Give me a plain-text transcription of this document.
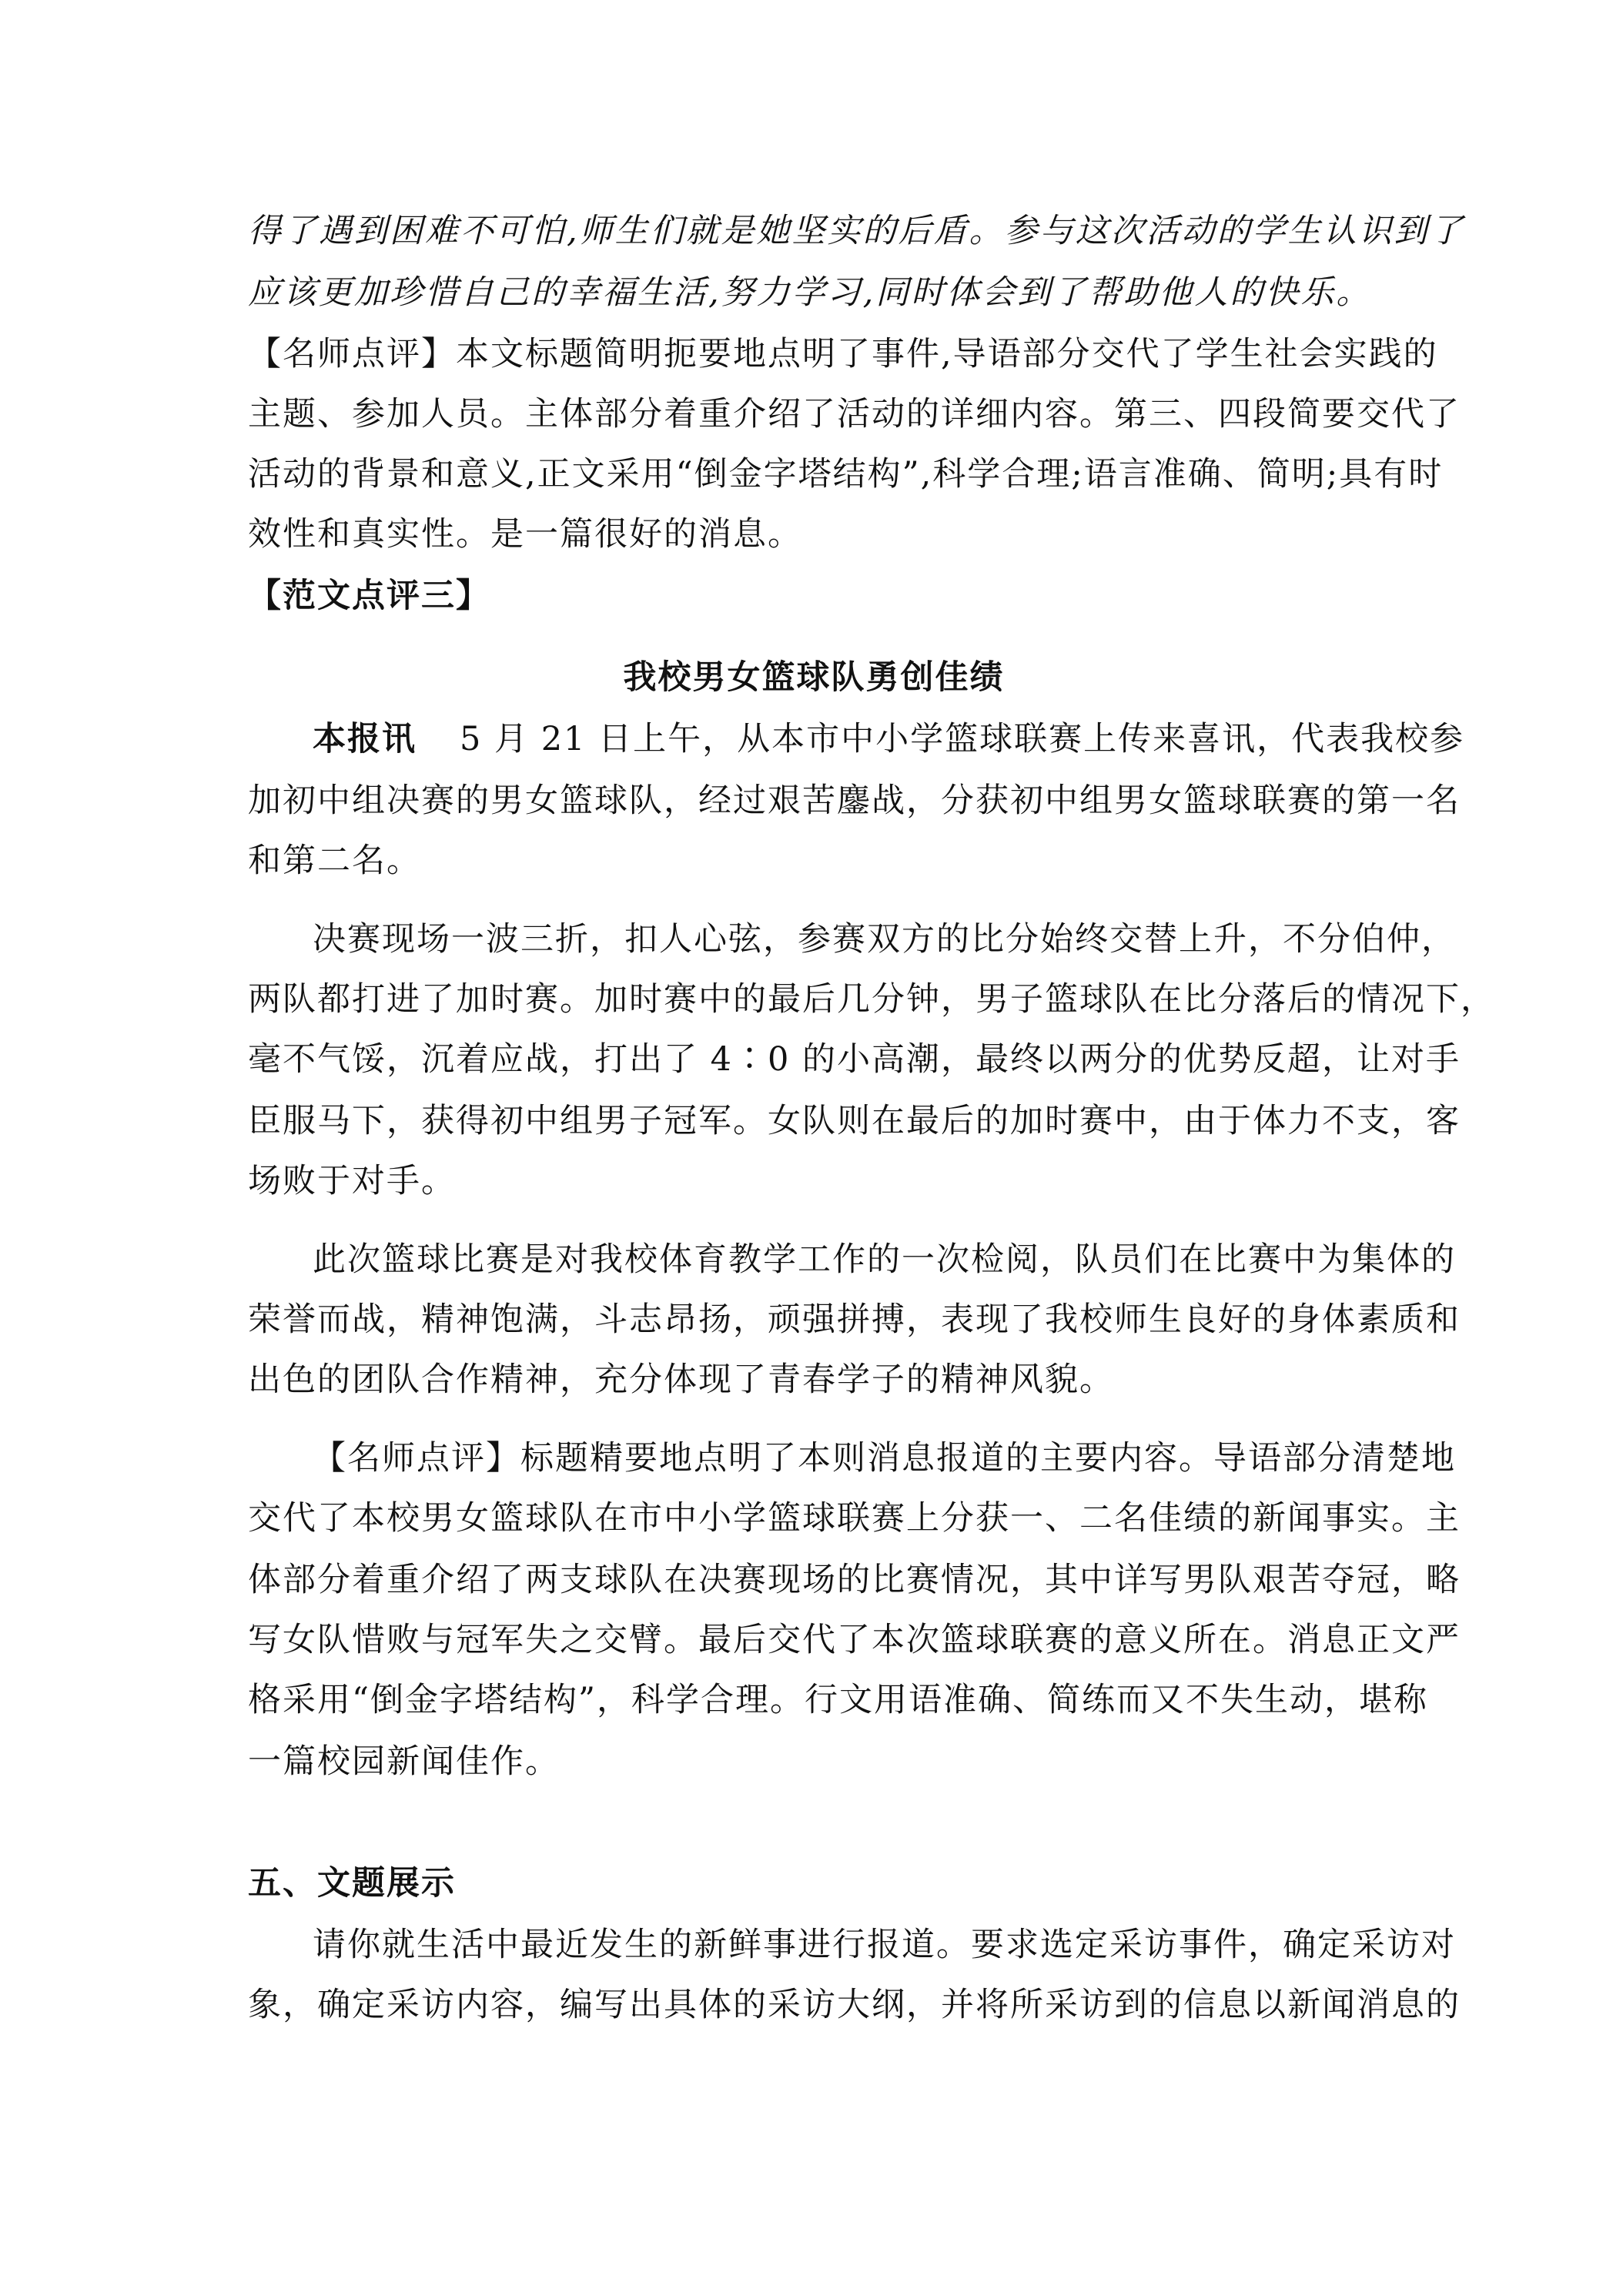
得了遇到困难不可怕,师生们就是她坚实的后盾。参与这次活动的学生认识到了
应该更加珍惜自己的幸福生活,努力学习,同时体会到了帮助他人的快乐。
【名师点评】本文标题简明扼要地点明了事件,导语部分交代了学生社会实践的
主题、参加人员。主体部分着重介绍了活动的详细内容。第三、四段简要交代了
活动的背景和意义,正文采用“倒金字塔结构”,科学合理;语言准确、简明;具有时
效性和真实性。是一篇很好的消息。
【范文点评三】
我校男女篮球队勇创佳绩
本报讯 5 月 21 日上午，从本市中小学篮球联赛上传来喜讯，代表我校参
加初中组决赛的男女篮球队，经过艰苦鏖战，分获初中组男女篮球联赛的第一名
和第二名。
决赛现场一波三折，扣人心弦，参赛双方的比分始终交替上升，不分伯仲，
两队都打进了加时赛。加时赛中的最后几分钟，男子篮球队在比分落后的情况下，
毫不气馁，沉着应战，打出了 4∶0 的小高潮，最终以两分的优势反超，让对手
臣服马下，获得初中组男子冠军。女队则在最后的加时赛中，由于体力不支，客
场败于对手。
此次篮球比赛是对我校体育教学工作的一次检阅，队员们在比赛中为集体的
荣誉而战，精神饱满，斗志昂扬，顽强拼搏，表现了我校师生良好的身体素质和
出色的团队合作精神，充分体现了青春学子的精神风貌。
【名师点评】标题精要地点明了本则消息报道的主要内容。导语部分清楚地
交代了本校男女篮球队在市中小学篮球联赛上分获一、二名佳绩的新闻事实。主
体部分着重介绍了两支球队在决赛现场的比赛情况，其中详写男队艰苦夺冠，略
写女队惜败与冠军失之交臂。最后交代了本次篮球联赛的意义所在。消息正文严
格采用“倒金字塔结构”，科学合理。行文用语准确、简练而又不失生动，堪称
一篇校园新闻佳作。
五、文题展示
请你就生活中最近发生的新鲜事进行报道。要求选定采访事件，确定采访对
象，确定采访内容，编写出具体的采访大纲，并将所采访到的信息以新闻消息的
